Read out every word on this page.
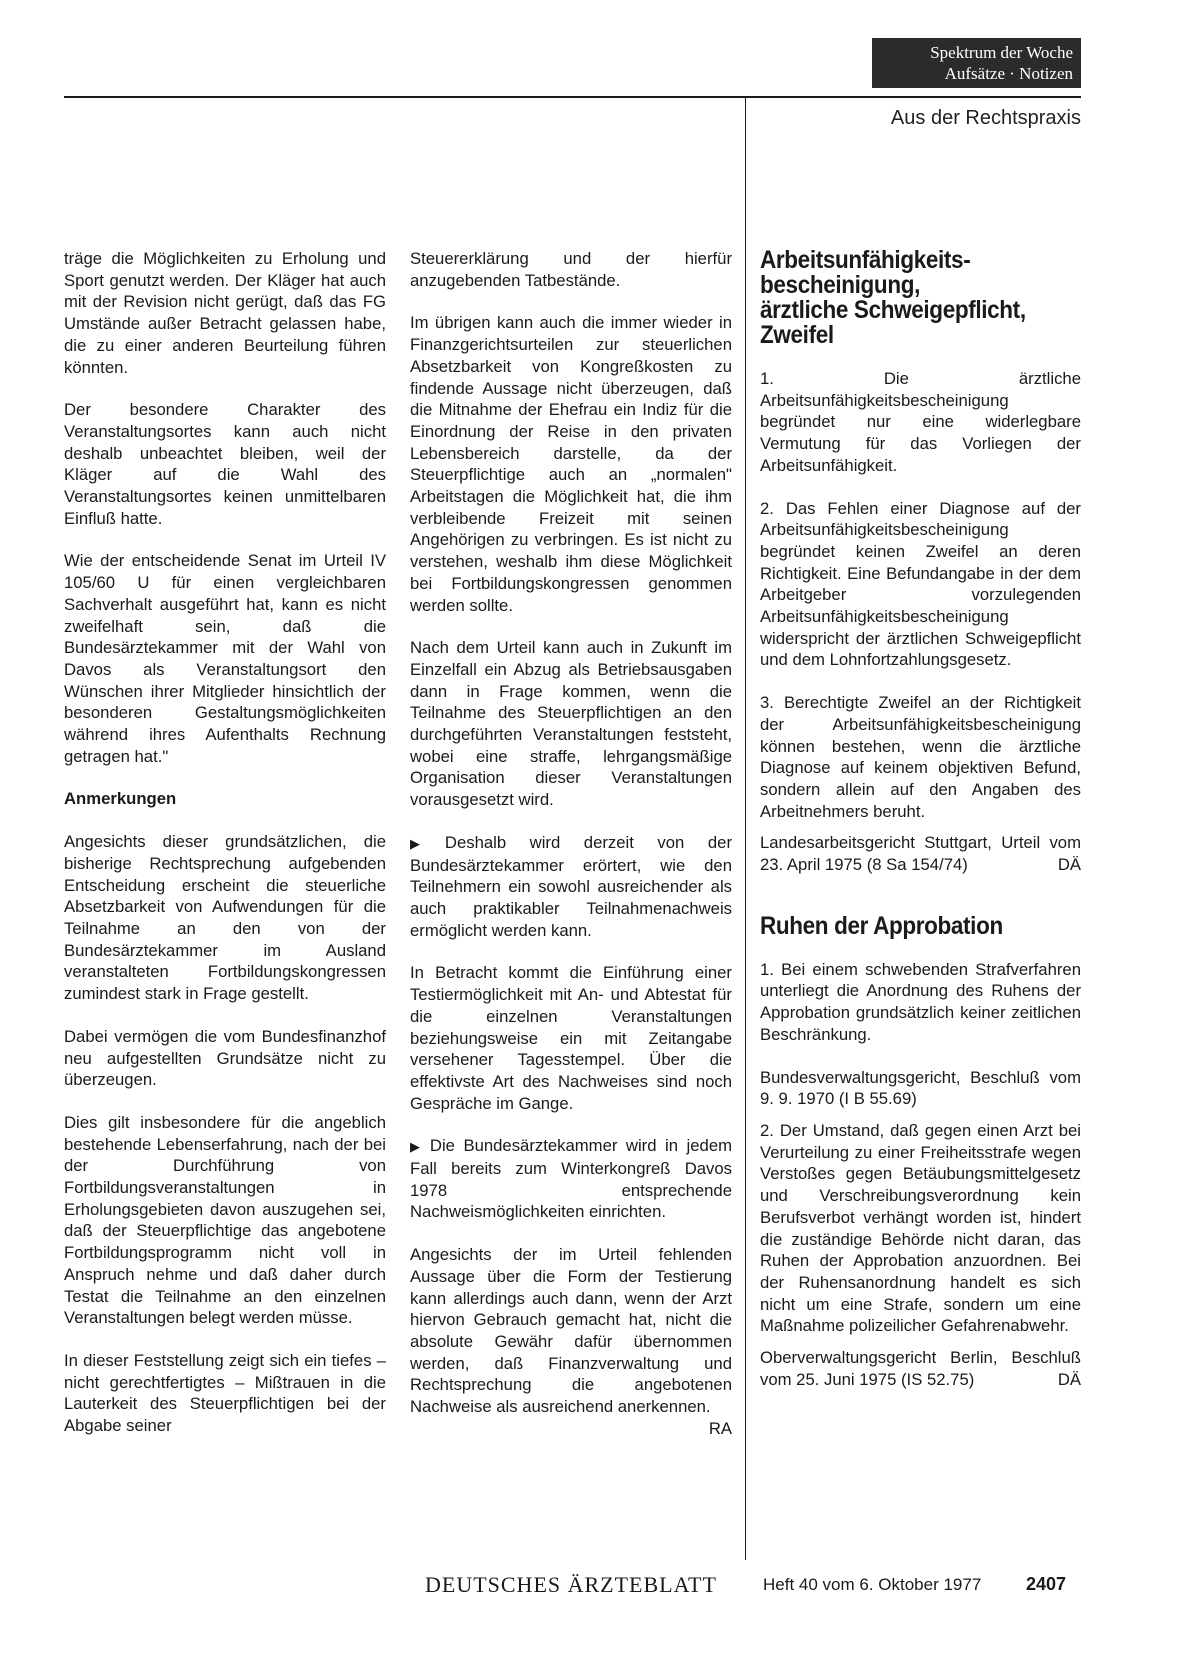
Spektrum der Woche
Aufsätze · Notizen
Aus der Rechtspraxis

träge die Möglichkeiten zu Erholung und Sport genutzt werden. Der Kläger hat auch mit der Revision nicht gerügt, daß das FG Umstände außer Betracht gelassen habe, die zu einer anderen Beurteilung führen könnten.

Der besondere Charakter des Veranstaltungsortes kann auch nicht deshalb unbeachtet bleiben, weil der Kläger auf die Wahl des Veranstaltungsortes keinen unmittelbaren Einfluß hatte.

Wie der entscheidende Senat im Urteil IV 105/60 U für einen vergleichbaren Sachverhalt ausgeführt hat, kann es nicht zweifelhaft sein, daß die Bundesärztekammer mit der Wahl von Davos als Veranstaltungsort den Wünschen ihrer Mitglieder hinsichtlich der besonderen Gestaltungsmöglichkeiten während ihres Aufenthalts Rechnung getragen hat."

Anmerkungen

Angesichts dieser grundsätzlichen, die bisherige Rechtsprechung aufgebenden Entscheidung erscheint die steuerliche Absetzbarkeit von Aufwendungen für die Teilnahme an den von der Bundesärztekammer im Ausland veranstalteten Fortbildungskongressen zumindest stark in Frage gestellt.

Dabei vermögen die vom Bundesfinanzhof neu aufgestellten Grundsätze nicht zu überzeugen.

Dies gilt insbesondere für die angeblich bestehende Lebenserfahrung, nach der bei der Durchführung von Fortbildungsveranstaltungen in Erholungsgebieten davon auszugehen sei, daß der Steuerpflichtige das angebotene Fortbildungsprogramm nicht voll in Anspruch nehme und daß daher durch Testat die Teilnahme an den einzelnen Veranstaltungen belegt werden müsse.

In dieser Feststellung zeigt sich ein tiefes – nicht gerechtfertigtes – Mißtrauen in die Lauterkeit des Steuerpflichtigen bei der Abgabe seiner

Steuererklärung und der hierfür anzugebenden Tatbestände.

Im übrigen kann auch die immer wieder in Finanzgerichtsurteilen zur steuerlichen Absetzbarkeit von Kongreßkosten zu findende Aussage nicht überzeugen, daß die Mitnahme der Ehefrau ein Indiz für die Einordnung der Reise in den privaten Lebensbereich darstelle, da der Steuerpflichtige auch an „normalen" Arbeitstagen die Möglichkeit hat, die ihm verbleibende Freizeit mit seinen Angehörigen zu verbringen. Es ist nicht zu verstehen, weshalb ihm diese Möglichkeit bei Fortbildungskongressen genommen werden sollte.

Nach dem Urteil kann auch in Zukunft im Einzelfall ein Abzug als Betriebsausgaben dann in Frage kommen, wenn die Teilnahme des Steuerpflichtigen an den durchgeführten Veranstaltungen feststeht, wobei eine straffe, lehrgangsmäßige Organisation dieser Veranstaltungen vorausgesetzt wird.

▶ Deshalb wird derzeit von der Bundesärztekammer erörtert, wie den Teilnehmern ein sowohl ausreichender als auch praktikabler Teilnahmenachweis ermöglicht werden kann.

In Betracht kommt die Einführung einer Testiermöglichkeit mit An- und Abtestat für die einzelnen Veranstaltungen beziehungsweise ein mit Zeitangabe versehener Tagesstempel. Über die effektivste Art des Nachweises sind noch Gespräche im Gange.

▶ Die Bundesärztekammer wird in jedem Fall bereits zum Winterkongreß Davos 1978 entsprechende Nachweismöglichkeiten einrichten.

Angesichts der im Urteil fehlenden Aussage über die Form der Testierung kann allerdings auch dann, wenn der Arzt hiervon Gebrauch gemacht hat, nicht die absolute Gewähr dafür übernommen werden, daß Finanzverwaltung und Rechtsprechung die angebotenen Nachweise als ausreichend anerkennen.
RA

Arbeitsunfähigkeits-
bescheinigung,
ärztliche Schweigepflicht,
Zweifel

1. Die ärztliche Arbeitsunfähigkeitsbescheinigung begründet nur eine widerlegbare Vermutung für das Vorliegen der Arbeitsunfähigkeit.

2. Das Fehlen einer Diagnose auf der Arbeitsunfähigkeitsbescheinigung begründet keinen Zweifel an deren Richtigkeit. Eine Befundangabe in der dem Arbeitgeber vorzulegenden Arbeitsunfähigkeitsbescheinigung widerspricht der ärztlichen Schweigepflicht und dem Lohnfortzahlungsgesetz.

3. Berechtigte Zweifel an der Richtigkeit der Arbeitsunfähigkeitsbescheinigung können bestehen, wenn die ärztliche Diagnose auf keinem objektiven Befund, sondern allein auf den Angaben des Arbeitnehmers beruht.

Landesarbeitsgericht Stuttgart, Urteil vom 23. April 1975 (8 Sa 154/74)	DÄ

Ruhen der Approbation

1. Bei einem schwebenden Strafverfahren unterliegt die Anordnung des Ruhens der Approbation grundsätzlich keiner zeitlichen Beschränkung.

Bundesverwaltungsgericht, Beschluß vom 9. 9. 1970 (I B 55.69)

2. Der Umstand, daß gegen einen Arzt bei Verurteilung zu einer Freiheitsstrafe wegen Verstoßes gegen Betäubungsmittelgesetz und Verschreibungsverordnung kein Berufsverbot verhängt worden ist, hindert die zuständige Behörde nicht daran, das Ruhen der Approbation anzuordnen. Bei der Ruhensanordnung handelt es sich nicht um eine Strafe, sondern um eine Maßnahme polizeilicher Gefahrenabwehr.

Oberverwaltungsgericht Berlin, Beschluß vom 25. Juni 1975 (IS 52.75)	DÄ

DEUTSCHES ÄRZTEBLATT	Heft 40 vom 6. Oktober 1977 2407
